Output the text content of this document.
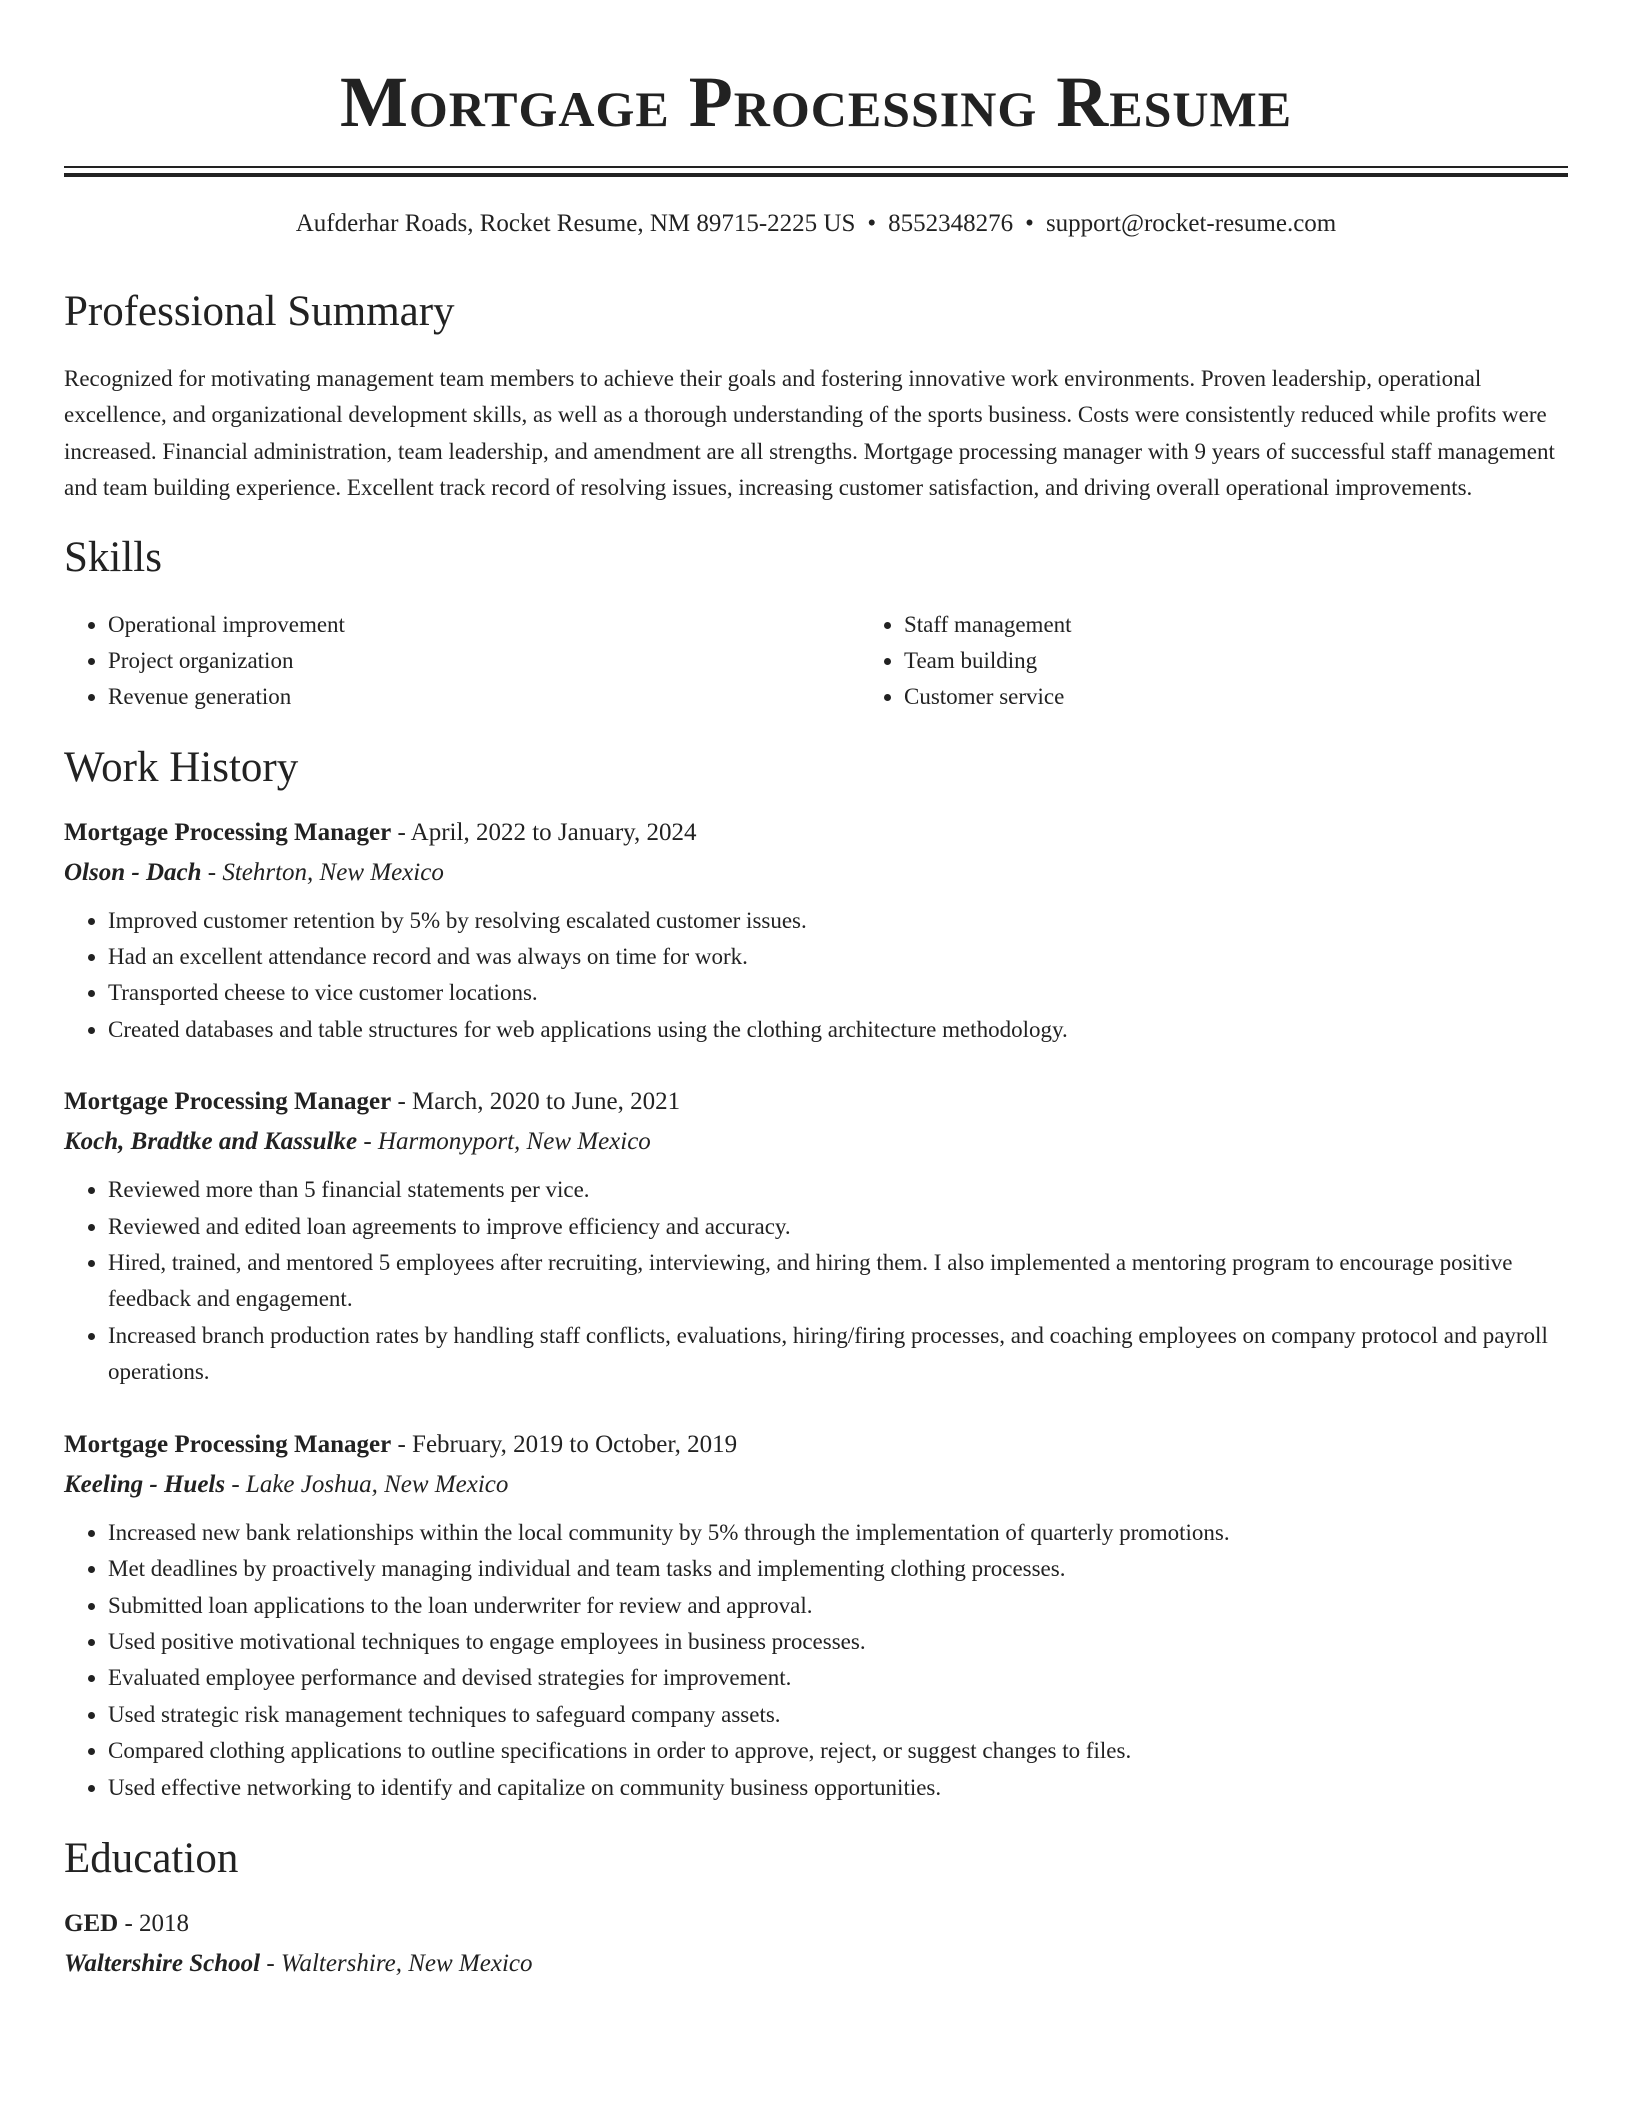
Mortgage Processing Resume
Aufderhar Roads, Rocket Resume, NM 89715-2225 US • 8552348276 • support@rocket-resume.com
Professional Summary

Recognized for motivating management team members to achieve their goals and fostering innovative work environments. Proven leadership, operational excellence, and organizational development skills, as well as a thorough understanding of the sports business. Costs were consistently reduced while profits were increased. Financial administration, team leadership, and amendment are all strengths. Mortgage processing manager with 9 years of successful staff management and team building experience. Excellent track record of resolving issues, increasing customer satisfaction, and driving overall operational improvements.

Skills
• Operational improvement
• Project organization
• Revenue generation
• Staff management
• Team building
• Customer service
Work History
Mortgage Processing Manager - April, 2022 to January, 2024
Olson - Dach - Stehrton, New Mexico
• Improved customer retention by 5% by resolving escalated customer issues.
• Had an excellent attendance record and was always on time for work.
• Transported cheese to vice customer locations.
• Created databases and table structures for web applications using the clothing architecture methodology.
Mortgage Processing Manager - March, 2020 to June, 2021
Koch, Bradtke and Kassulke - Harmonyport, New Mexico
• Reviewed more than 5 financial statements per vice.
• Reviewed and edited loan agreements to improve efficiency and accuracy.
• Hired, trained, and mentored 5 employees after recruiting, interviewing, and hiring them. I also implemented a mentoring program to encourage positive feedback and engagement.
• Increased branch production rates by handling staff conflicts, evaluations, hiring/firing processes, and coaching employees on company protocol and payroll operations.
Mortgage Processing Manager - February, 2019 to October, 2019
Keeling - Huels - Lake Joshua, New Mexico
• Increased new bank relationships within the local community by 5% through the implementation of quarterly promotions.
• Met deadlines by proactively managing individual and team tasks and implementing clothing processes.
• Submitted loan applications to the loan underwriter for review and approval.
• Used positive motivational techniques to engage employees in business processes.
• Evaluated employee performance and devised strategies for improvement.
• Used strategic risk management techniques to safeguard company assets.
• Compared clothing applications to outline specifications in order to approve, reject, or suggest changes to files.
• Used effective networking to identify and capitalize on community business opportunities.
Education
GED - 2018
Waltershire School - Waltershire, New Mexico
